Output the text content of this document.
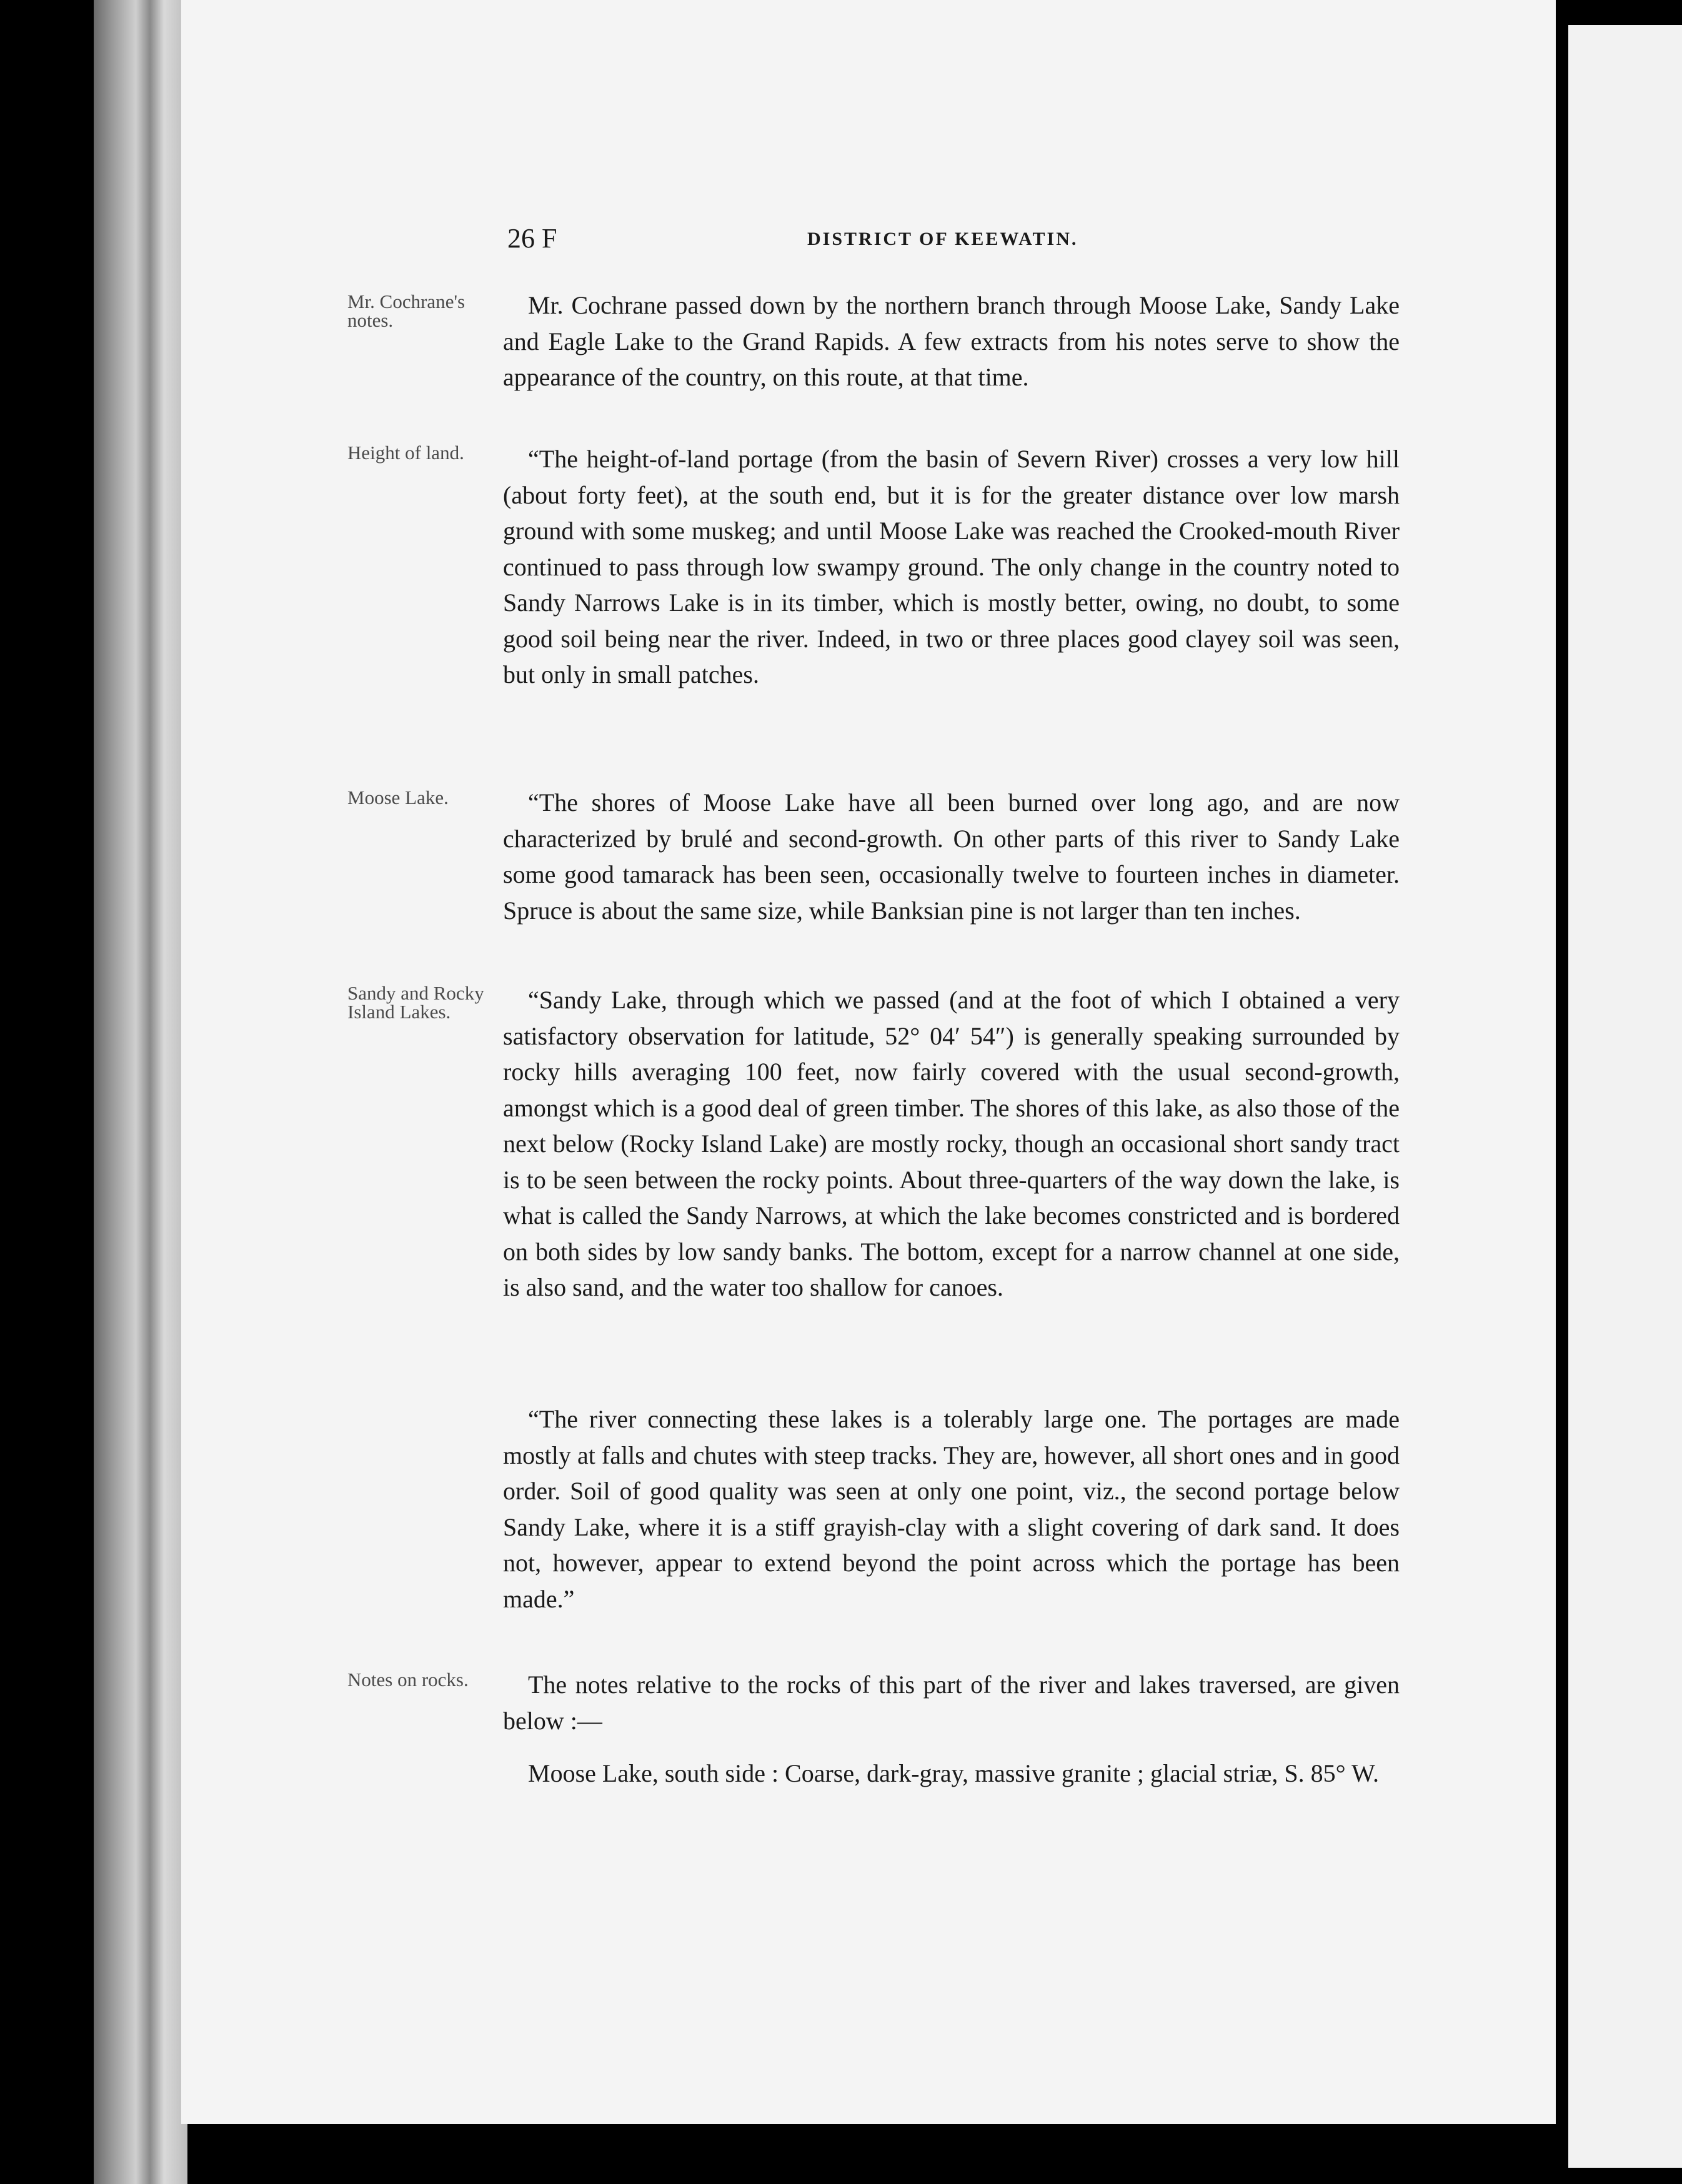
26 F	DISTRICT OF KEEWATIN.
Mr. Cochrane's notes.
Height of land.
Moose Lake.
Sandy and Rocky Island Lakes.
Notes on rocks.

Mr. Cochrane passed down by the northern branch through Moose Lake, Sandy Lake and Eagle Lake to the Grand Rapids. A few extracts from his notes serve to show the appearance of the country, on this route, at that time.

“The height-of-land portage (from the basin of Severn River) crosses a very low hill (about forty feet), at the south end, but it is for the greater distance over low marsh ground with some muskeg; and until Moose Lake was reached the Crooked-mouth River continued to pass through low swampy ground. The only change in the country noted to Sandy Narrows Lake is in its timber, which is mostly better, owing, no doubt, to some good soil being near the river. Indeed, in two or three places good clayey soil was seen, but only in small patches.

“The shores of Moose Lake have all been burned over long ago, and are now characterized by brulé and second-growth. On other parts of this river to Sandy Lake some good tamarack has been seen, occasionally twelve to fourteen inches in diameter. Spruce is about the same size, while Banksian pine is not larger than ten inches.

“Sandy Lake, through which we passed (and at the foot of which I obtained a very satisfactory observation for latitude, 52° 04′ 54″) is generally speaking surrounded by rocky hills averaging 100 feet, now fairly covered with the usual second-growth, amongst which is a good deal of green timber. The shores of this lake, as also those of the next below (Rocky Island Lake) are mostly rocky, though an occasional short sandy tract is to be seen between the rocky points. About three-quarters of the way down the lake, is what is called the Sandy Narrows, at which the lake becomes constricted and is bordered on both sides by low sandy banks. The bottom, except for a narrow channel at one side, is also sand, and the water too shallow for canoes.

“The river connecting these lakes is a tolerably large one. The portages are made mostly at falls and chutes with steep tracks. They are, however, all short ones and in good order. Soil of good quality was seen at only one point, viz., the second portage below Sandy Lake, where it is a stiff grayish-clay with a slight covering of dark sand. It does not, however, appear to extend beyond the point across which the portage has been made.”

The notes relative to the rocks of this part of the river and lakes traversed, are given below :—

Moose Lake, south side : Coarse, dark-gray, massive granite ; glacial striæ, S. 85° W.
